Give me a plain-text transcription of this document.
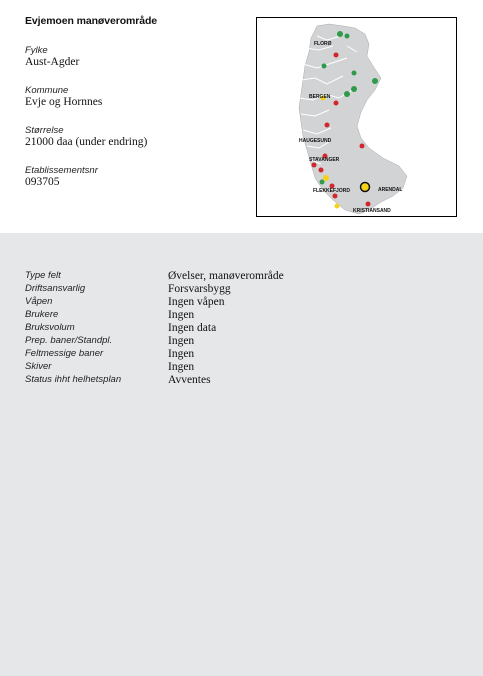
Evjemoen manøverområde
Fylke
Aust-Agder
Kommune
Evje og Hornnes
Størrelse
21000 daa (under endring)
Etablissementsnr
093705
FLORØ
BERGEN
HAUGESUND
STAVANGER
FLEKKEFJORD	ARENDAL
KRISTIANSAND
Type felt	Øvelser, manøverområde
Driftsansvarlig	Forsvarsbygg
Våpen	Ingen våpen
Brukere	Ingen
Bruksvolum	Ingen data
Prep. baner/Standpl.	Ingen
Feltmessige baner	Ingen
Skiver	Ingen
Status ihht helhetsplan	Avventes
